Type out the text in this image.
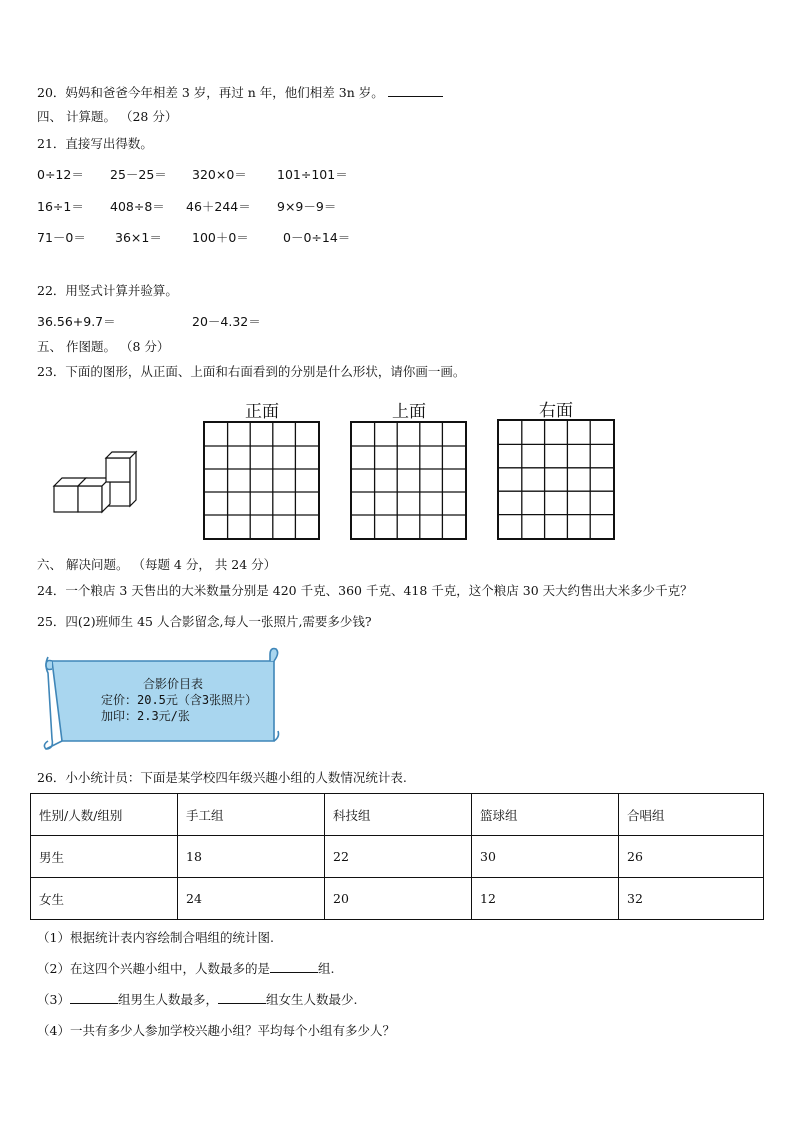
20．妈妈和爸爸今年相差 3 岁，再过 n 年，他们相差 3n 岁。
四、 计算题。 （28 分）
21．直接写出得数。
0÷12＝ 25－25＝ 320×0＝ 101÷101＝
16÷1＝ 408÷8＝ 46＋244＝ 9×9－9＝
71－0＝ 36×1＝ 100＋0＝	0－0÷14＝
22．用竖式计算并验算。
36.56+9.7＝	20－4.32＝
五、 作图题。 （8 分）
23．下面的图形，从正面、上面和右面看到的分别是什么形状，请你画一画。
正面	上面	右面
六、 解决问题。 （每题 4 分， 共 24 分）
24．一个粮店 3 天售出的大米数量分别是 420 千克、360 千克、418 千克，这个粮店 30 天大约售出大米多少千克？
25．四(2)班师生 45 人合影留念,每人一张照片,需要多少钱?
合影价目表
定价：20.5元（含3张照片）
加印：2.3元/张
26．小小统计员：下面是某学校四年级兴趣小组的人数情况统计表.
性别/人数/组别	手工组	科技组	篮球组	合唱组
男生	18	22	30	26
女生	24	20	12	32
（1）根据统计表内容绘制合唱组的统计图.
（2）在这四个兴趣小组中，人数最多的是	组.
（3）	组男生人数最多，	组女生人数最少.
（4）一共有多少人参加学校兴趣小组？平均每个小组有多少人？
